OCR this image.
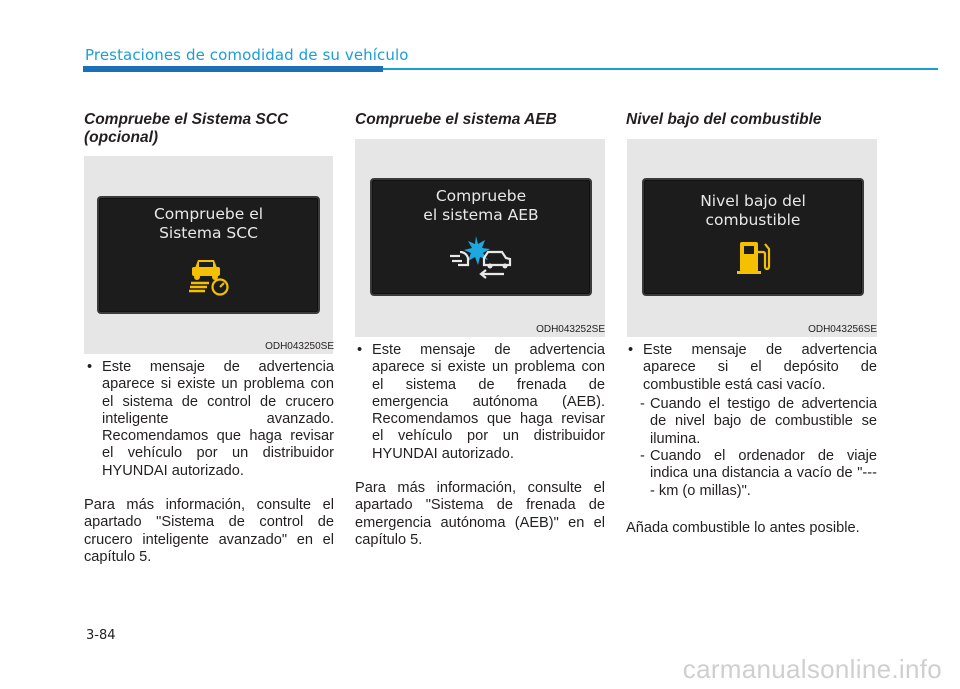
Prestaciones de comodidad de su vehículo
Compruebe el Sistema SCC
(opcional)
Compruebe el
Sistema SCC
ODH043250SE
• Este mensaje de advertencia aparece si existe un problema con el sistema de control de crucero inteligente avanzado. Recomendamos que haga revisar el vehículo por un distribuidor HYUNDAI autorizado.
Para más información, consulte el apartado "Sistema de control de crucero inteligente avanzado" en el capítulo 5.
Compruebe el sistema AEB
Compruebe
el sistema AEB
ODH043252SE
• Este mensaje de advertencia aparece si existe un problema con el sistema de frenada de emergencia autónoma (AEB). Recomendamos que haga revisar el vehículo por un distribuidor HYUNDAI autorizado.
Para más información, consulte el apartado "Sistema de frenada de emergencia autónoma (AEB)" en el capítulo 5.
Nivel bajo del combustible
Nivel bajo del
combustible
ODH043256SE
• Este mensaje de advertencia aparece si el depósito de combustible está casi vacío.
- Cuando el testigo de advertencia de nivel bajo de combustible se ilumina.
- Cuando el ordenador de viaje indica una distancia a vacío de "---- km (o millas)".
Añada combustible lo antes posible.
3-84
carmanualsonline.info
